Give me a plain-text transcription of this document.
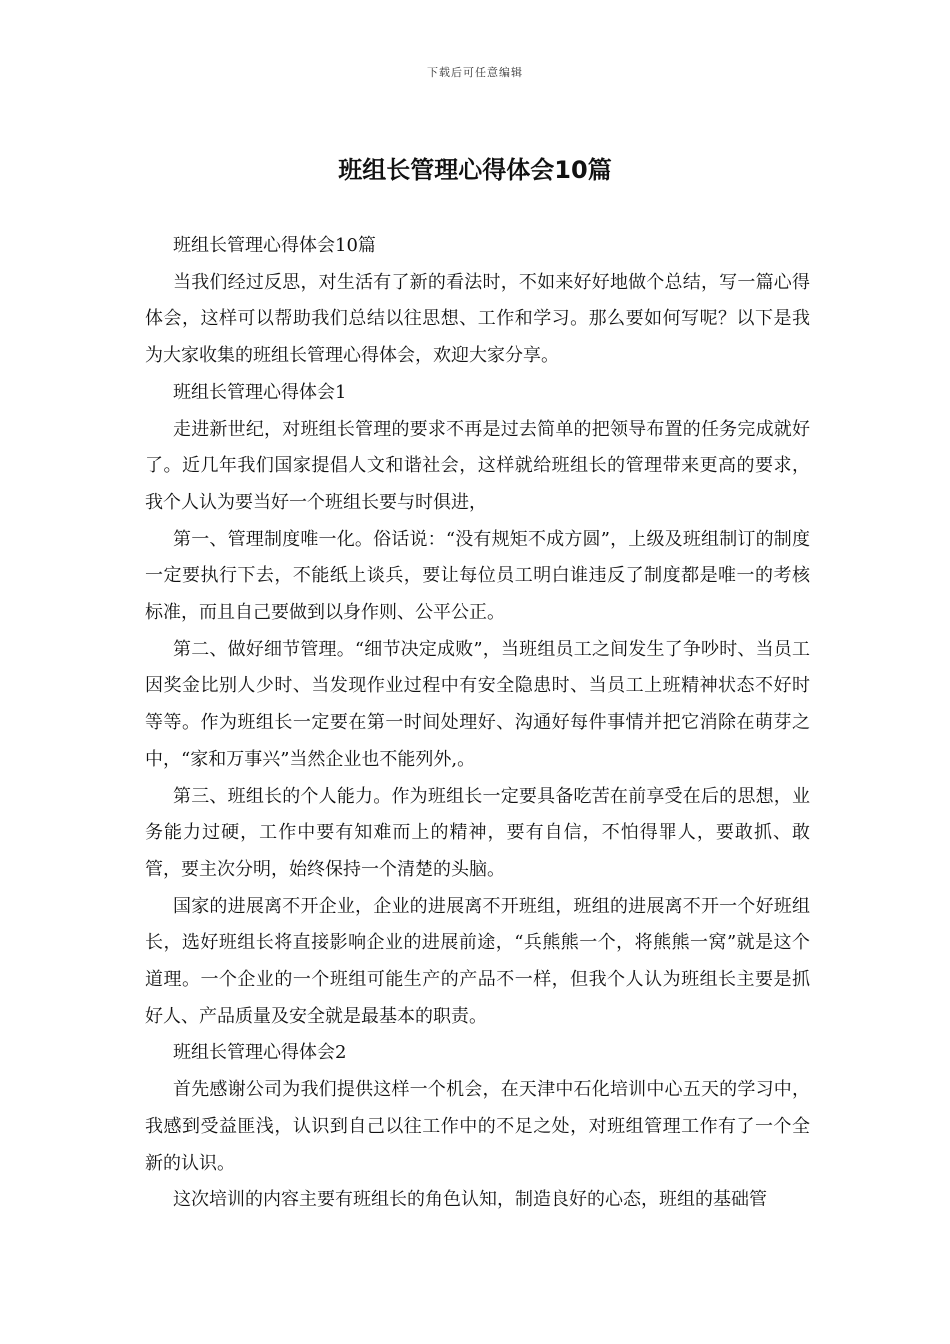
下载后可任意编辑
班组长管理心得体会10篇

班组长管理心得体会10篇

当我们经过反思，对生活有了新的看法时，不如来好好地做个总结，写一篇心得体会，这样可以帮助我们总结以往思想、工作和学习。那么要如何写呢？以下是我为大家收集的班组长管理心得体会，欢迎大家分享。

班组长管理心得体会1

走进新世纪，对班组长管理的要求不再是过去简单的把领导布置的任务完成就好了。近几年我们国家提倡人文和谐社会，这样就给班组长的管理带来更高的要求，我个人认为要当好一个班组长要与时俱进，

第一、管理制度唯一化。俗话说：“没有规矩不成方圆”，上级及班组制订的制度一定要执行下去，不能纸上谈兵，要让每位员工明白谁违反了制度都是唯一的考核标准，而且自己要做到以身作则、公平公正。

第二、做好细节管理。“细节决定成败”，当班组员工之间发生了争吵时、当员工因奖金比别人少时、当发现作业过程中有安全隐患时、当员工上班精神状态不好时等等。作为班组长一定要在第一时间处理好、沟通好每件事情并把它消除在萌芽之中，“家和万事兴”当然企业也不能列外,。

第三、班组长的个人能力。作为班组长一定要具备吃苦在前享受在后的思想，业务能力过硬，工作中要有知难而上的精神，要有自信，不怕得罪人，要敢抓、敢管，要主次分明，始终保持一个清楚的头脑。

国家的进展离不开企业，企业的进展离不开班组，班组的进展离不开一个好班组长，选好班组长将直接影响企业的进展前途，“兵熊熊一个，将熊熊一窝”就是这个道理。一个企业的一个班组可能生产的产品不一样，但我个人认为班组长主要是抓好人、产品质量及安全就是最基本的职责。

班组长管理心得体会2

首先感谢公司为我们提供这样一个机会，在天津中石化培训中心五天的学习中，我感到受益匪浅，认识到自己以往工作中的不足之处，对班组管理工作有了一个全新的认识。

这次培训的内容主要有班组长的角色认知，制造良好的心态，班组的基础管
